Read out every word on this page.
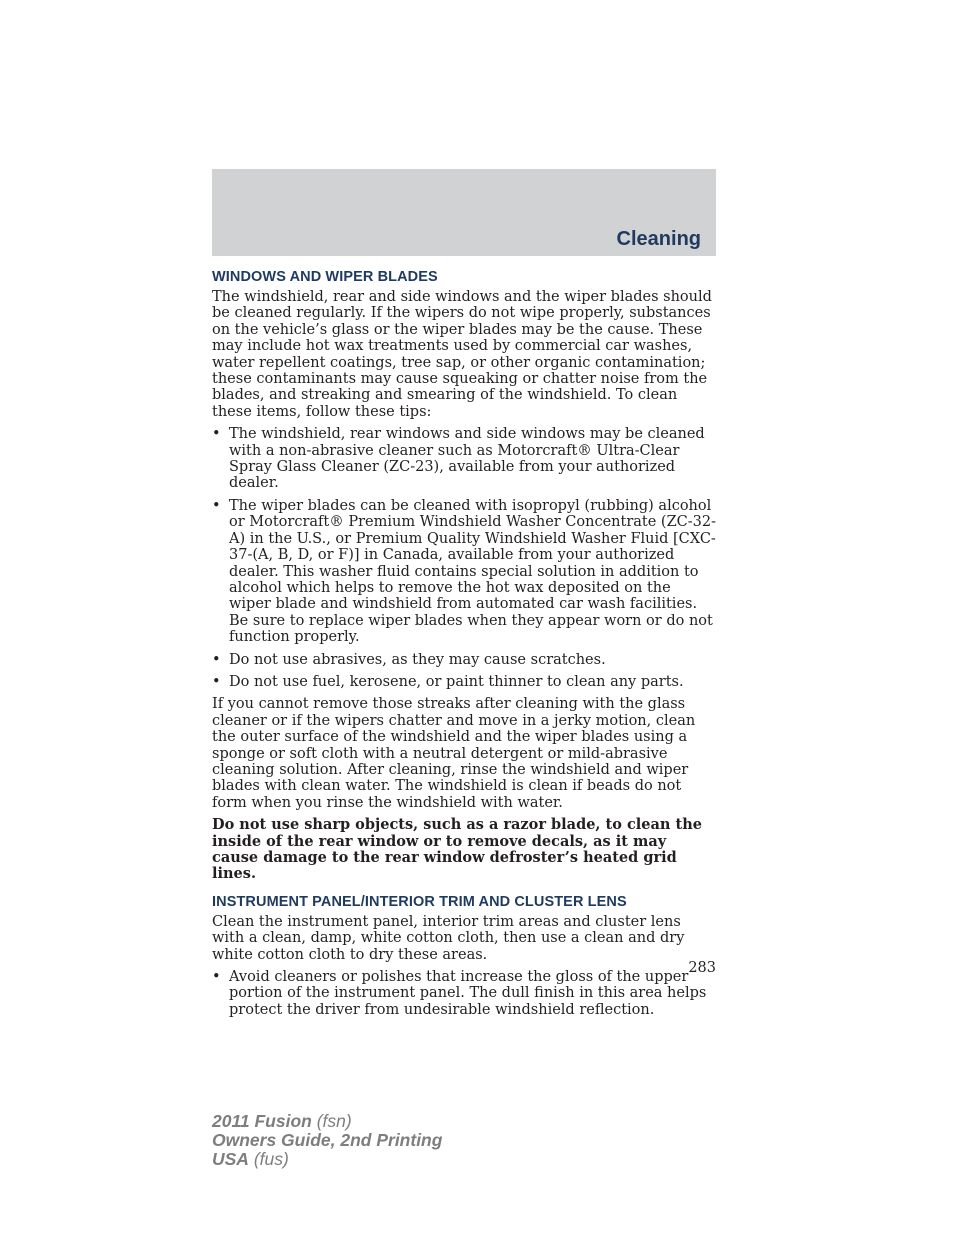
Cleaning
WINDOWS AND WIPER BLADES

The windshield, rear and side windows and the wiper blades should be cleaned regularly. If the wipers do not wipe properly, substances on the vehicle’s glass or the wiper blades may be the cause. These may include hot wax treatments used by commercial car washes, water repellent coatings, tree sap, or other organic contamination; these contaminants may cause squeaking or chatter noise from the blades, and streaking and smearing of the windshield. To clean these items, follow these tips:

• The windshield, rear windows and side windows may be cleaned with a non-abrasive cleaner such as Motorcraft® Ultra-Clear Spray Glass Cleaner (ZC-23), available from your authorized dealer.
• The wiper blades can be cleaned with isopropyl (rubbing) alcohol or Motorcraft® Premium Windshield Washer Concentrate (ZC-32-A) in the U.S., or Premium Quality Windshield Washer Fluid [CXC-37-(A, B, D, or F)] in Canada, available from your authorized dealer. This washer fluid contains special solution in addition to alcohol which helps to remove the hot wax deposited on the wiper blade and windshield from automated car wash facilities. Be sure to replace wiper blades when they appear worn or do not function properly.
• Do not use abrasives, as they may cause scratches.
• Do not use fuel, kerosene, or paint thinner to clean any parts.

If you cannot remove those streaks after cleaning with the glass cleaner or if the wipers chatter and move in a jerky motion, clean the outer surface of the windshield and the wiper blades using a sponge or soft cloth with a neutral detergent or mild-abrasive cleaning solution. After cleaning, rinse the windshield and wiper blades with clean water. The windshield is clean if beads do not form when you rinse the windshield with water.

Do not use sharp objects, such as a razor blade, to clean the inside of the rear window or to remove decals, as it may cause damage to the rear window defroster’s heated grid lines.

INSTRUMENT PANEL/INTERIOR TRIM AND CLUSTER LENS

Clean the instrument panel, interior trim areas and cluster lens with a clean, damp, white cotton cloth, then use a clean and dry white cotton cloth to dry these areas.

• Avoid cleaners or polishes that increase the gloss of the upper portion of the instrument panel. The dull finish in this area helps protect the driver from undesirable windshield reflection.
283
2011 Fusion (fsn)
Owners Guide, 2nd Printing
USA (fus)
